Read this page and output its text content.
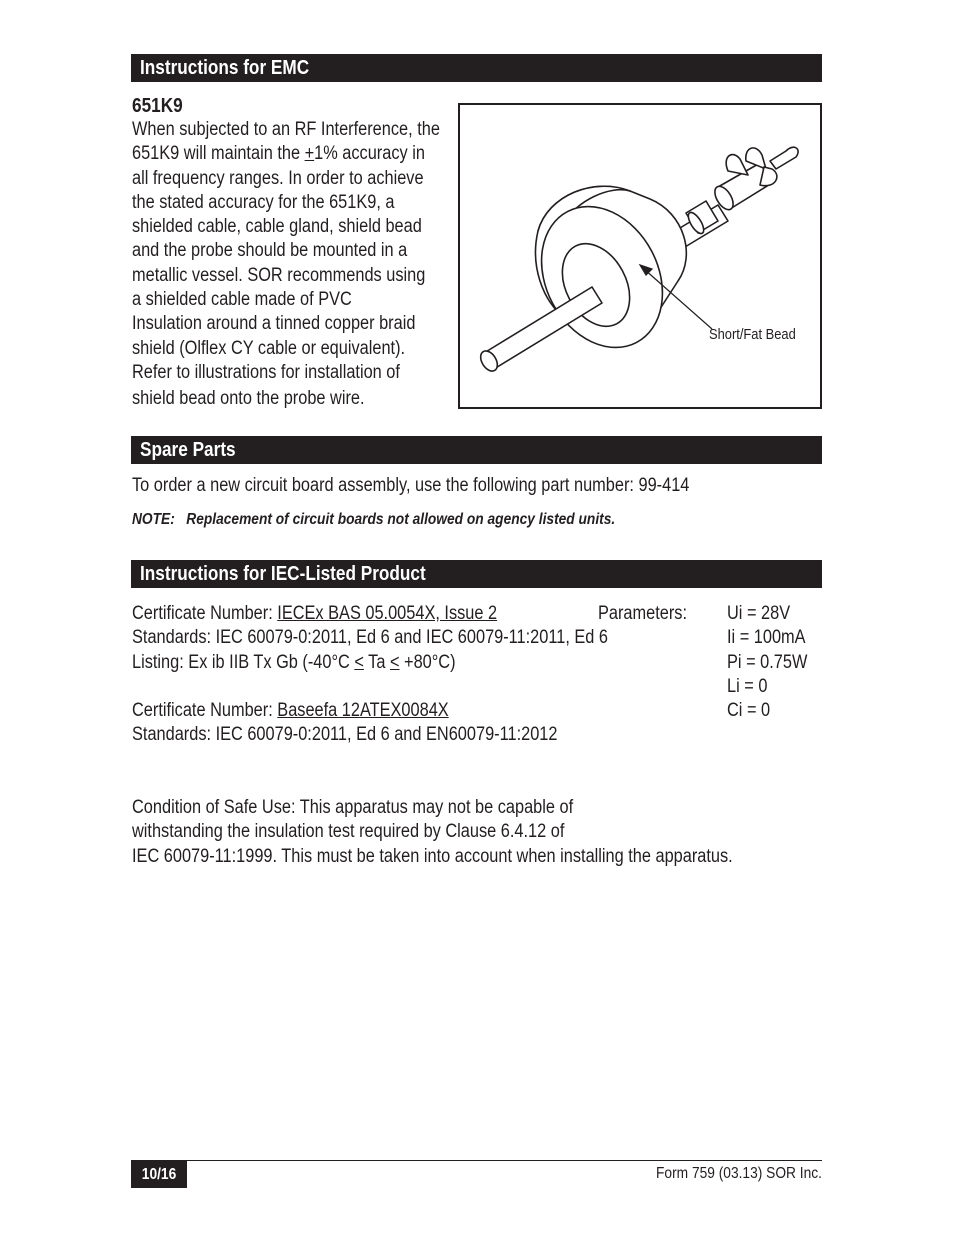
Instructions for EMC
651K9
When subjected to an RF Interference, the
651K9 will maintain the +1% accuracy in
all frequency ranges. In order to achieve
the stated accuracy for the 651K9, a
shielded cable, cable gland, shield bead
and the probe should be mounted in a
metallic vessel. SOR recommends using
a shielded cable made of PVC
Insulation around a tinned copper braid
shield (Olflex CY cable or equivalent).
Refer to illustrations for installation of
shield bead onto the probe wire.
Short/Fat Bead
Spare Parts
To order a new circuit board assembly, use the following part number: 99-414
NOTE: Replacement of circuit boards not allowed on agency listed units.
Instructions for IEC-Listed Product
Certificate Number: IECEx BAS 05.0054X, Issue 2
Standards: IEC 60079-0:2011, Ed 6 and IEC 60079-11:2011, Ed 6
Listing: Ex ib IIB Tx Gb (-40°C < Ta < +80°C)
Certificate Number: Baseefa 12ATEX0084X
Standards: IEC 60079-0:2011, Ed 6 and EN60079-11:2012
Parameters: Ui = 28V
Ii = 100mA
Pi = 0.75W
Li = 0
Ci = 0
Condition of Safe Use: This apparatus may not be capable of
withstanding the insulation test required by Clause 6.4.12 of
IEC 60079-11:1999. This must be taken into account when installing the apparatus.
10/16	Form 759 (03.13) SOR Inc.
